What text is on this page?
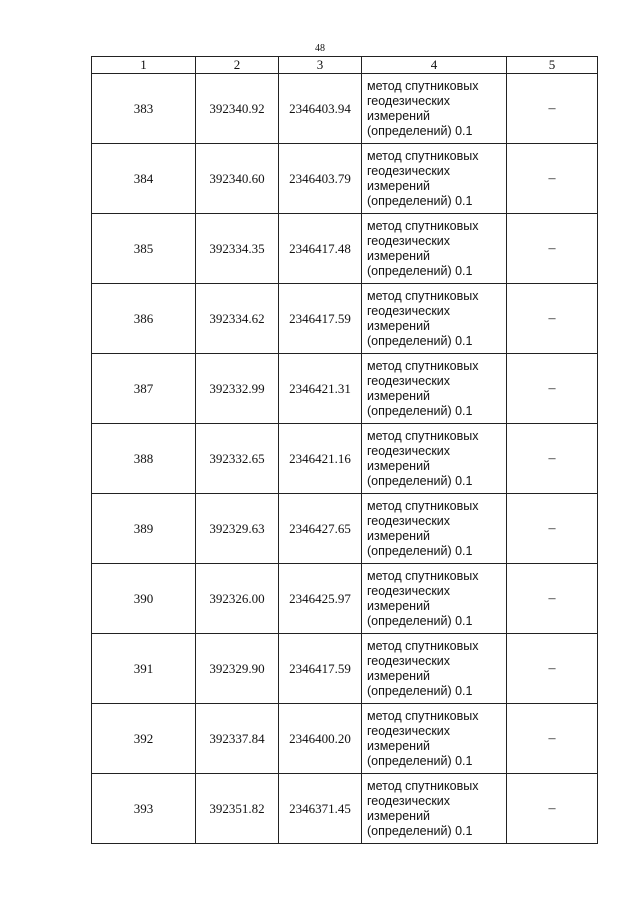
48
1	2	3	4	5
383	392340.92	2346403.94	метод спутниковых
геодезических
измерений
(определений) 0.1	–
384	392340.60	2346403.79	метод спутниковых
геодезических
измерений
(определений) 0.1	–
385	392334.35	2346417.48	метод спутниковых
геодезических
измерений
(определений) 0.1	–
386	392334.62	2346417.59	метод спутниковых
геодезических
измерений
(определений) 0.1	–
387	392332.99	2346421.31	метод спутниковых
геодезических
измерений
(определений) 0.1	–
388	392332.65	2346421.16	метод спутниковых
геодезических
измерений
(определений) 0.1	–
389	392329.63	2346427.65	метод спутниковых
геодезических
измерений
(определений) 0.1	–
390	392326.00	2346425.97	метод спутниковых
геодезических
измерений
(определений) 0.1	–
391	392329.90	2346417.59	метод спутниковых
геодезических
измерений
(определений) 0.1	–
392	392337.84	2346400.20	метод спутниковых
геодезических
измерений
(определений) 0.1	–
393	392351.82	2346371.45	метод спутниковых
геодезических
измерений
(определений) 0.1	–
